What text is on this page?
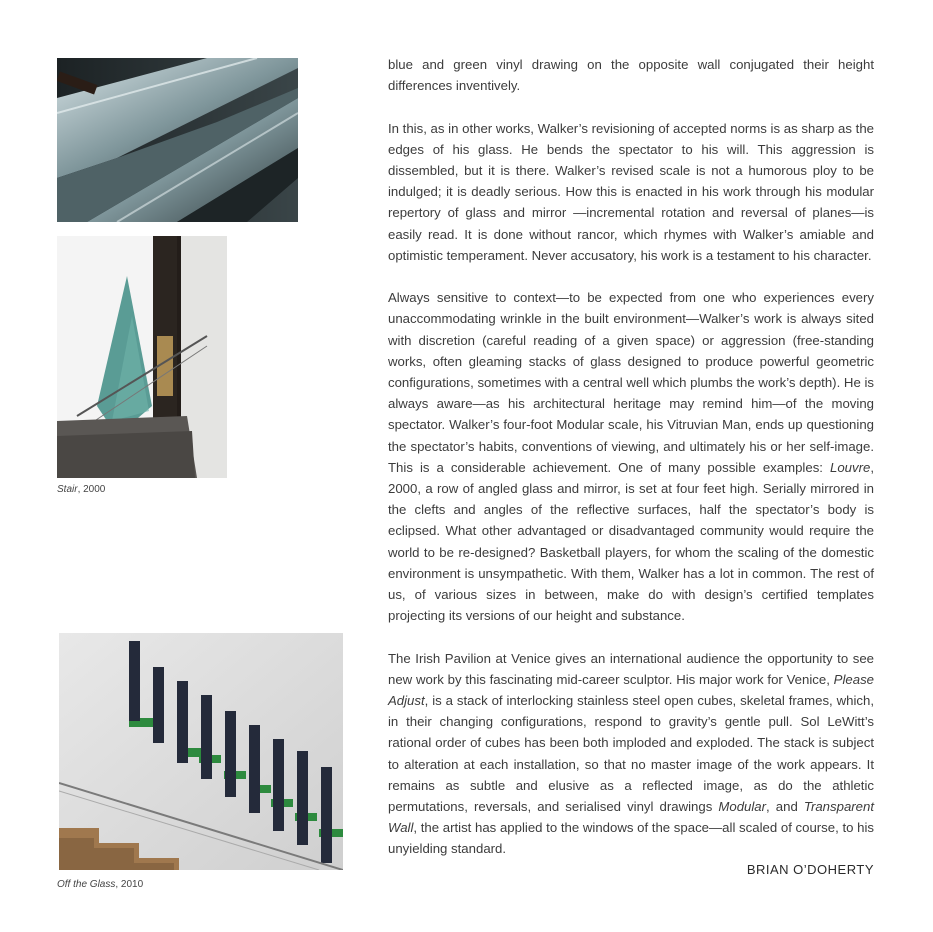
Stair, 2000
Off the Glass, 2010

blue and green vinyl drawing on the opposite wall conjugated their height differences inventively.

In this, as in other works, Walker’s revisioning of accepted norms is as sharp as the edges of his glass. He bends the spectator to his will. This aggression is dissembled, but it is there. Walker’s revised scale is not a humorous ploy to be indulged; it is deadly serious. How this is enacted in his work through his modular repertory of glass and mirror —incremental rotation and reversal of planes—is easily read. It is done without rancor, which rhymes with Walker’s amiable and optimistic temperament. Never accusatory, his work is a testament to his character.

Always sensitive to context—to be expected from one who experiences every unaccommodating wrinkle in the built environment—Walker’s work is always sited with discretion (careful reading of a given space) or aggression (free-standing works, often gleaming stacks of glass designed to produce powerful geometric configurations, sometimes with a central well which plumbs the work’s depth). He is always aware—as his architectural heritage may remind him—of the moving spectator. Walker’s four-foot Modular scale, his Vitruvian Man, ends up questioning the spectator’s habits, conventions of viewing, and ultimately his or her self-image. This is a considerable achievement. One of many possible examples: Louvre, 2000, a row of angled glass and mirror, is set at four feet high. Serially mirrored in the clefts and angles of the reflective surfaces, half the spectator’s body is eclipsed. What other advantaged or disadvantaged community would require the world to be re-designed? Basketball players, for whom the scaling of the domestic environment is unsympathetic. With them, Walker has a lot in common. The rest of us, of various sizes in between, make do with design’s certified templates projecting its versions of our height and substance.

The Irish Pavilion at Venice gives an international audience the opportunity to see new work by this fascinating mid-career sculptor. His major work for Venice, Please Adjust, is a stack of interlocking stainless steel open cubes, skeletal frames, which, in their changing configurations, respond to gravity’s gentle pull. Sol LeWitt’s rational order of cubes has been both imploded and exploded. The stack is subject to alteration at each installation, so that no master image of the work appears. It remains as subtle and elusive as a reflected image, as do the athletic permutations, reversals, and serialised vinyl drawings Modular, and Transparent Wall, the artist has applied to the windows of the space—all scaled of course, to his unyielding standard.

BRIAN O’DOHERTY
